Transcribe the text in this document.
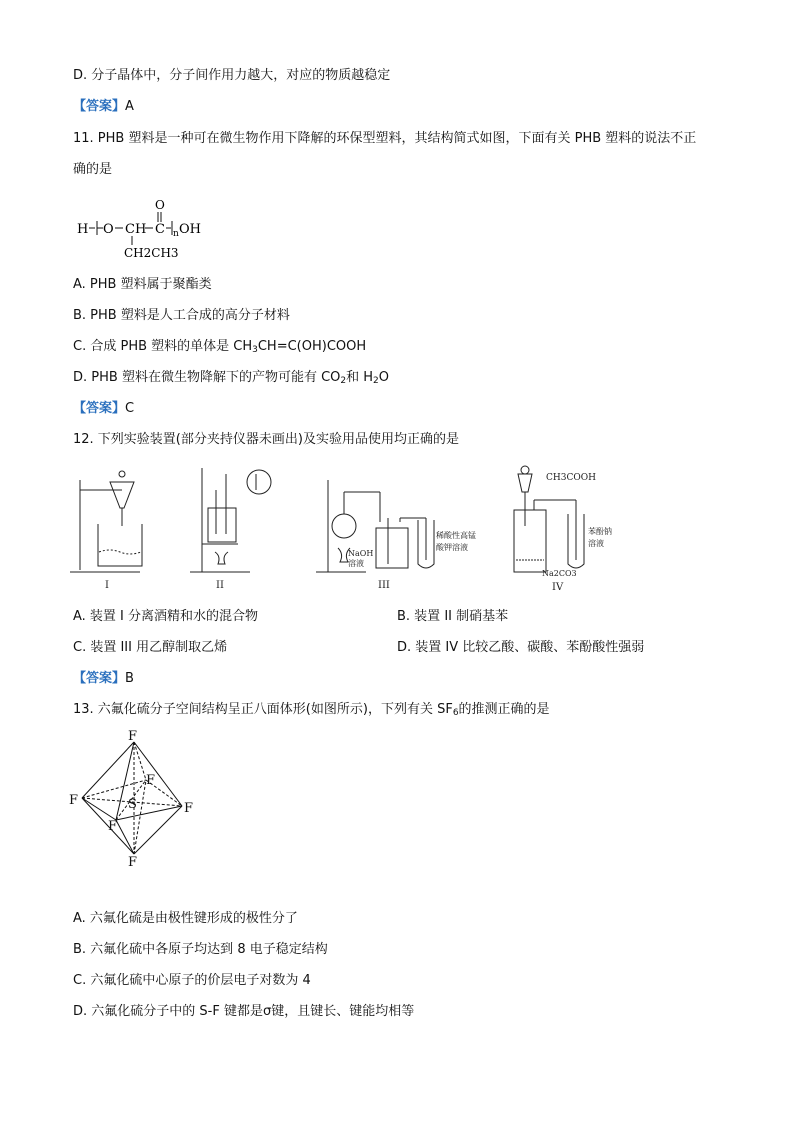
D. 分子晶体中，分子间作用力越大，对应的物质越稳定
【答案】A
11. PHB 塑料是一种可在微生物作用下降解的环保型塑料，其结构简式如图，下面有关 PHB 塑料的说法不正
确的是
H O CH C
O
n OH
CH2CH3
A. PHB 塑料属于聚酯类
B. PHB 塑料是人工合成的高分子材料
C. 合成 PHB 塑料的单体是 $CH_3CH=C(OH)COOH$
D. PHB 塑料在微生物降解下的产物可能有 $CO_2$和 $H_2O$
【答案】C
12. 下列实验装置(部分夹持仪器未画出)及实验用品使用均正确的是
I	II	III	IV
NaOH
溶液
稀酸性高锰
酸钾溶液
CH3COOH
苯酚钠
溶液
Na2CO3
A. 装置 I 分离酒精和水的混合物	B. 装置 II 制硝基苯
C. 装置 III 用乙醇制取乙烯	D. 装置 IV 比较乙酸、碳酸、苯酚酸性强弱
【答案】B
13. 六氟化硫分子空间结构呈正八面体形(如图所示)，下列有关 $SF_6$的推测正确的是
F
F
F
F
F
F
S
A. 六氟化硫是由极性键形成的极性分了
B. 六氟化硫中各原子均达到 8 电子稳定结构
C. 六氟化硫中心原子的价层电子对数为 4
D. 六氟化硫分子中的 S-F 键都是σ键，且键长、键能均相等
